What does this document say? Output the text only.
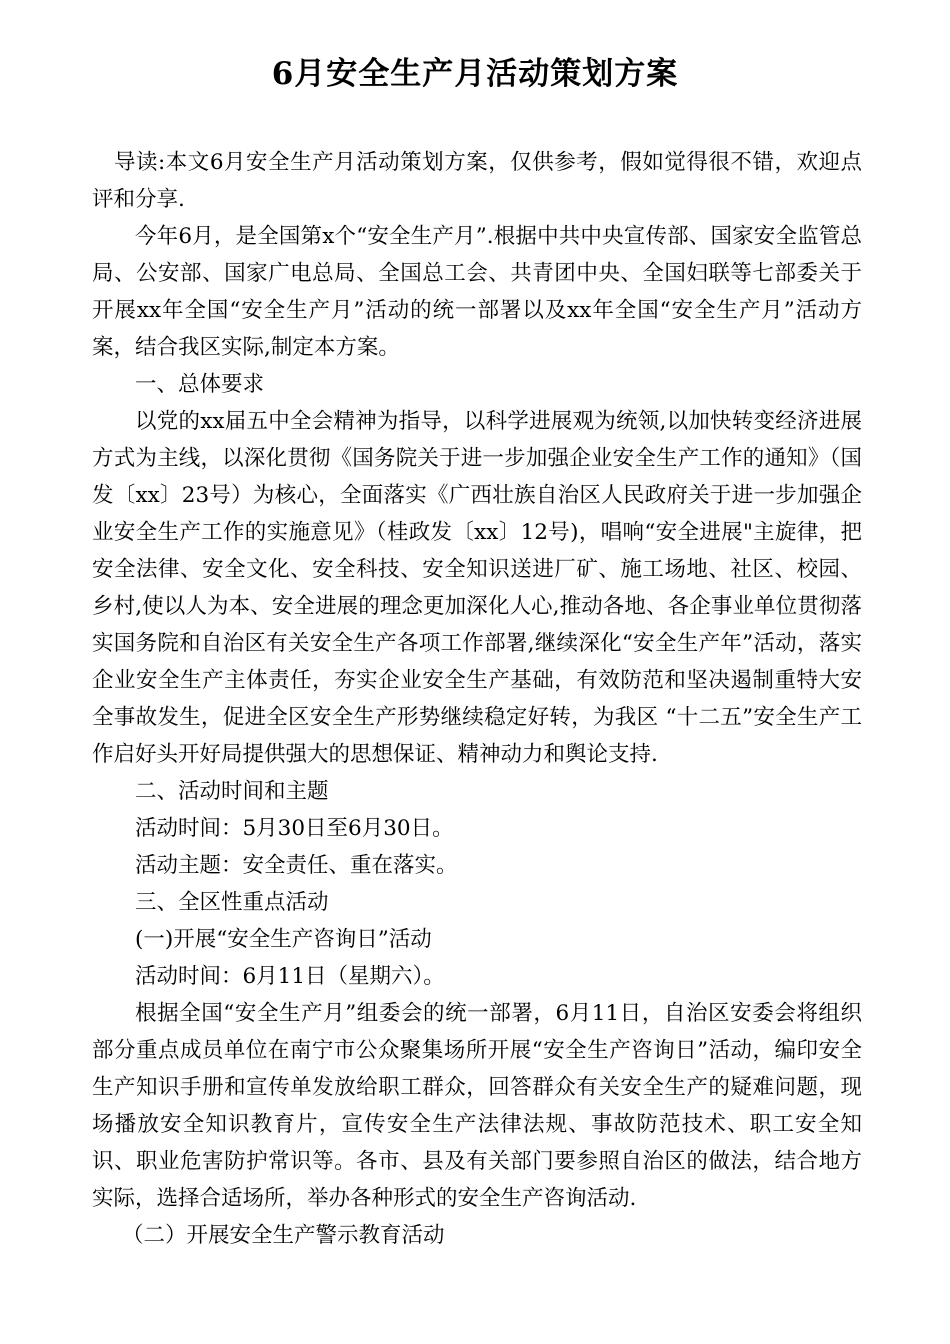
6月安全生产月活动策划方案

导读:本文6月安全生产月活动策划方案，仅供参考，假如觉得很不错，欢迎点评和分享.

今年6月，是全国第x个“安全生产月”.根据中共中央宣传部、国家安全监管总局、公安部、国家广电总局、全国总工会、共青团中央、全国妇联等七部委关于开展xx年全国“安全生产月”活动的统一部署以及xx年全国“安全生产月”活动方案，结合我区实际,制定本方案。

一、总体要求

以党的xx届五中全会精神为指导，以科学进展观为统领,以加快转变经济进展方式为主线，以深化贯彻《国务院关于进一步加强企业安全生产工作的通知》（国发〔xx〕23号）为核心，全面落实《广西壮族自治区人民政府关于进一步加强企业安全生产工作的实施意见》（桂政发〔xx〕12号)，唱响“安全进展"主旋律，把安全法律、安全文化、安全科技、安全知识送进厂矿、施工场地、社区、校园、乡村,使以人为本、安全进展的理念更加深化人心,推动各地、各企事业单位贯彻落实国务院和自治区有关安全生产各项工作部署,继续深化“安全生产年”活动，落实企业安全生产主体责任，夯实企业安全生产基础，有效防范和坚决遏制重特大安全事故发生，促进全区安全生产形势继续稳定好转，为我区 “十二五”安全生产工作启好头开好局提供强大的思想保证、精神动力和舆论支持.

二、活动时间和主题

活动时间：5月30日至6月30日。

活动主题：安全责任、重在落实。

三、全区性重点活动

(一)开展“安全生产咨询日”活动

活动时间：6月11日（星期六）。

根据全国“安全生产月”组委会的统一部署，6月11日，自治区安委会将组织部分重点成员单位在南宁市公众聚集场所开展“安全生产咨询日”活动，编印安全生产知识手册和宣传单发放给职工群众，回答群众有关安全生产的疑难问题，现场播放安全知识教育片，宣传安全生产法律法规、事故防范技术、职工安全知识、职业危害防护常识等。各市、县及有关部门要参照自治区的做法，结合地方实际，选择合适场所，举办各种形式的安全生产咨询活动.

（二）开展安全生产警示教育活动
